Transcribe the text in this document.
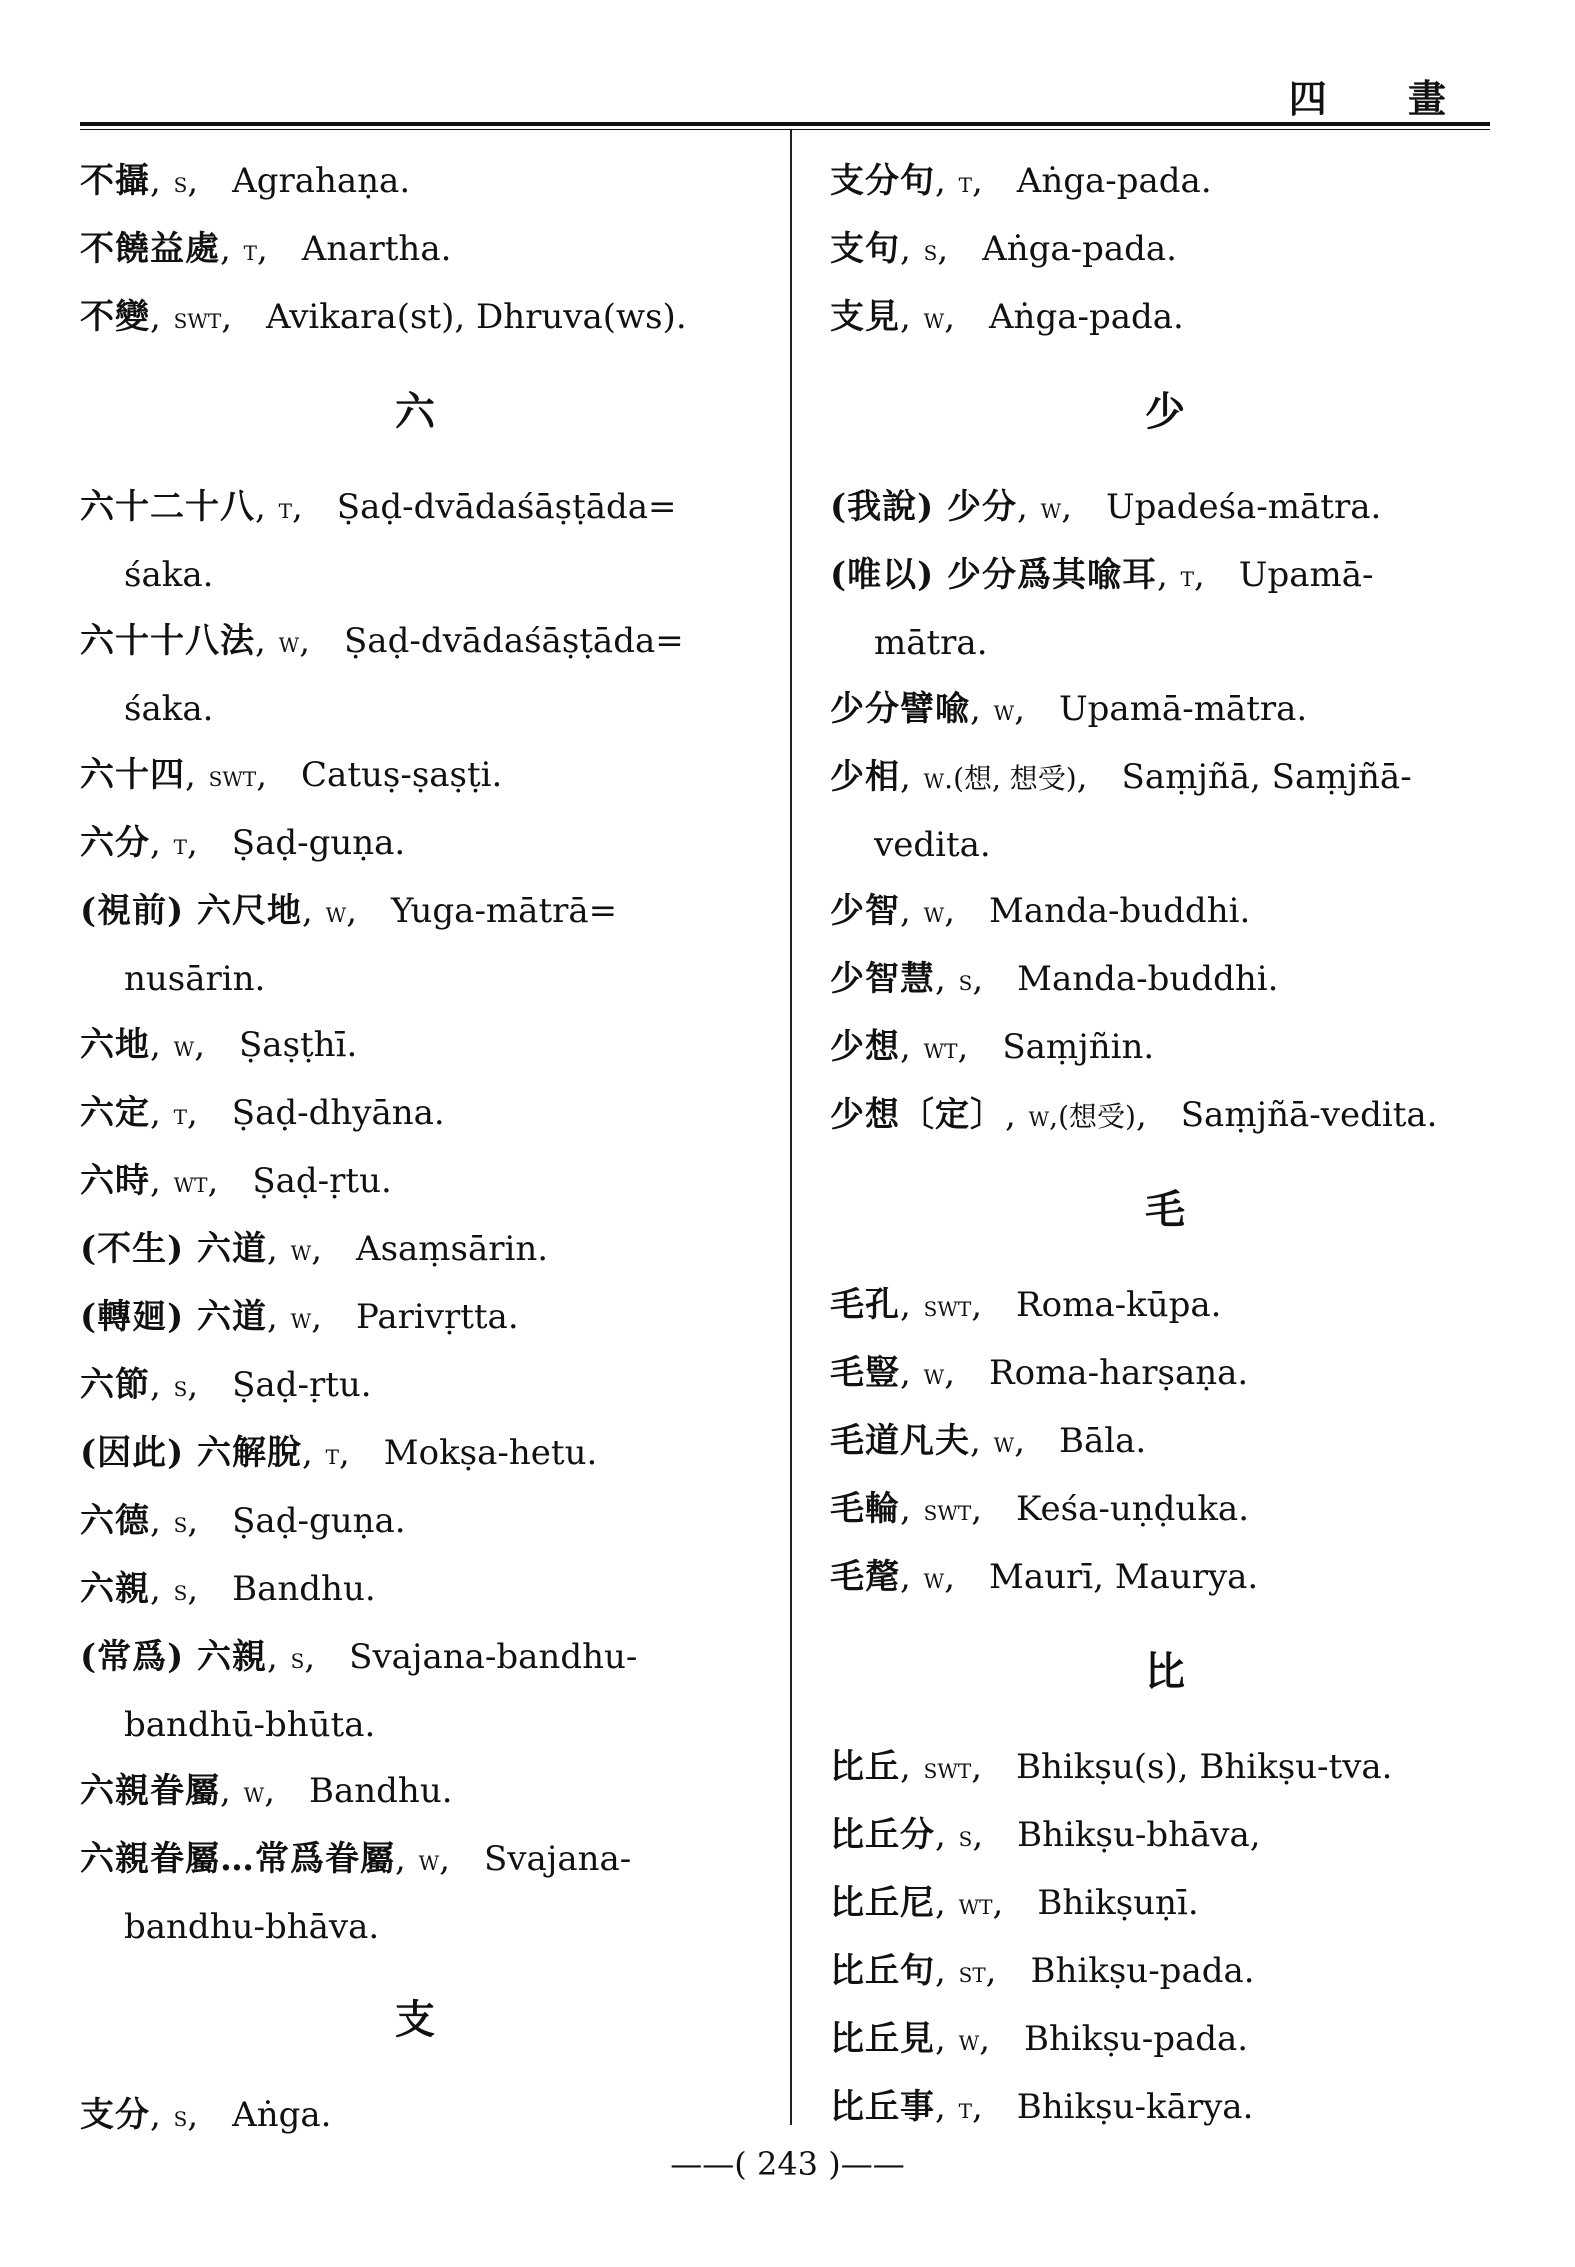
四 畫
不攝, s, Agrahaṇa.
不饒益處, t, Anartha.
不變, swt, Avikara(st), Dhruva(ws).
六
六十二十八, t, Ṣaḍ-dvādaśāṣṭāda=
śaka.
六十十八法, w, Ṣaḍ-dvādaśāṣṭāda=
śaka.
六十四, swt, Catuṣ-ṣaṣṭi.
六分, t, Ṣaḍ-guṇa.
(視前) 六尺地, w, Yuga-mātrā=
nusārin.
六地, w, Ṣaṣṭhī.
六定, t, Ṣaḍ-dhyāna.
六時, wt, Ṣaḍ-ṛtu.
(不生) 六道, w, Asaṃsārin.
(轉廻) 六道, w, Parivṛtta.
六節, s, Ṣaḍ-ṛtu.
(因此) 六解脫, t, Mokṣa-hetu.
六德, s, Ṣaḍ-guṇa.
六親, s, Bandhu.
(常爲) 六親, s, Svajana-bandhu-
bandhū-bhūta.
六親眷屬, w, Bandhu.
六親眷屬…常爲眷屬, w, Svajana-
bandhu-bhāva.
支
支分, s, Aṅga.
支分句, t, Aṅga-pada.
支句, s, Aṅga-pada.
支見, w, Aṅga-pada.
少
(我說) 少分, w, Upadeśa-mātra.
(唯以) 少分爲其喩耳, t, Upamā-
mātra.
少分譬喩, w, Upamā-mātra.
少相, w.(想, 想受), Saṃjñā, Saṃjñā-
vedita.
少智, w, Manda-buddhi.
少智慧, s, Manda-buddhi.
少想, wt, Saṃjñin.
少想〔定〕, w,(想受), Saṃjñā-vedita.
毛
毛孔, swt, Roma-kūpa.
毛豎, w, Roma-harṣaṇa.
毛道凡夫, w, Bāla.
毛輪, swt, Keśa-uṇḍuka.
毛氂, w, Maurī, Maurya.
比
比丘, swt, Bhikṣu(s), Bhikṣu-tva.
比丘分, s, Bhikṣu-bhāva,
比丘尼, wt, Bhikṣuṇī.
比丘句, st, Bhikṣu-pada.
比丘見, w, Bhikṣu-pada.
比丘事, t, Bhikṣu-kārya.
——( 243 )——
